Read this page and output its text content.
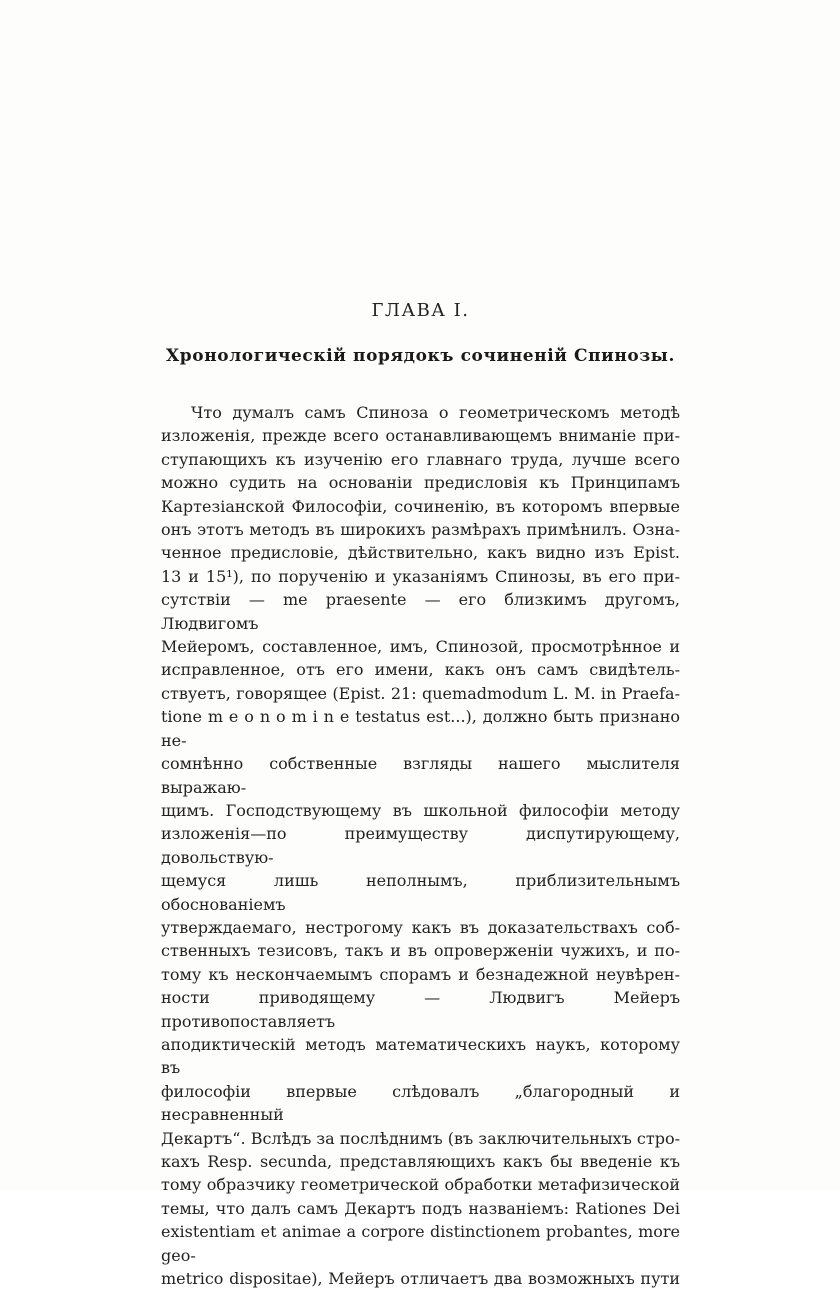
ГЛАВА I.
Хронологическій порядокъ сочиненій Спинозы.
Что думалъ самъ Спиноза о геометрическомъ методѣ
изложенія, прежде всего останавливающемъ вниманіе при-
ступающихъ къ изученію его главнаго труда, лучше всего
можно судить на основаніи предисловія къ Принципамъ
Картезіанской Философіи, сочиненію, въ которомъ впервые
онъ этотъ методъ въ широкихъ размѣрахъ примѣнилъ. Озна-
ченное предисловіе, дѣйствительно, какъ видно изъ Epist.
13 и 15¹), по порученію и указаніямъ Спинозы, въ его при-
сутствіи — me praesente — его близкимъ другомъ, Людвигомъ
Мейеромъ, составленное, имъ, Спинозой, просмотрѣнное и
исправленное, отъ его имени, какъ онъ самъ свидѣтель-
ствуетъ, говорящее (Epist. 21: quemadmodum L. M. in Praefa-
tione m e o n o m i n e testatus est...), должно быть признано не-
сомнѣнно собственные взгляды нашего мыслителя выражаю-
щимъ. Господствующему въ школьной философіи методу
изложенія—по преимуществу диспутирующему, довольствую-
щемуся лишь неполнымъ, приблизительнымъ обоснованіемъ
утверждаемаго, нестрогому какъ въ доказательствахъ соб-
ственныхъ тезисовъ, такъ и въ опроверженіи чужихъ, и по-
тому къ нескончаемымъ спорамъ и безнадежной неувѣрен-
ности приводящему — Людвигъ Мейеръ противопоставляетъ
аподиктическій методъ математическихъ наукъ, которому въ
философіи впервые слѣдовалъ „благородный и несравненный
Декартъ“. Вслѣдъ за послѣднимъ (въ заключительныхъ стро-
кахъ Resp. secunda, представляющихъ какъ бы введеніе къ
тому образчику геометрической обработки метафизической
темы, что далъ самъ Декартъ подъ названіемъ: Rationes Dei
existentiam et animae a corpore distinctionem probantes, more geo-
metrico dispositae), Мейеръ отличаетъ два возможныхъ пути
